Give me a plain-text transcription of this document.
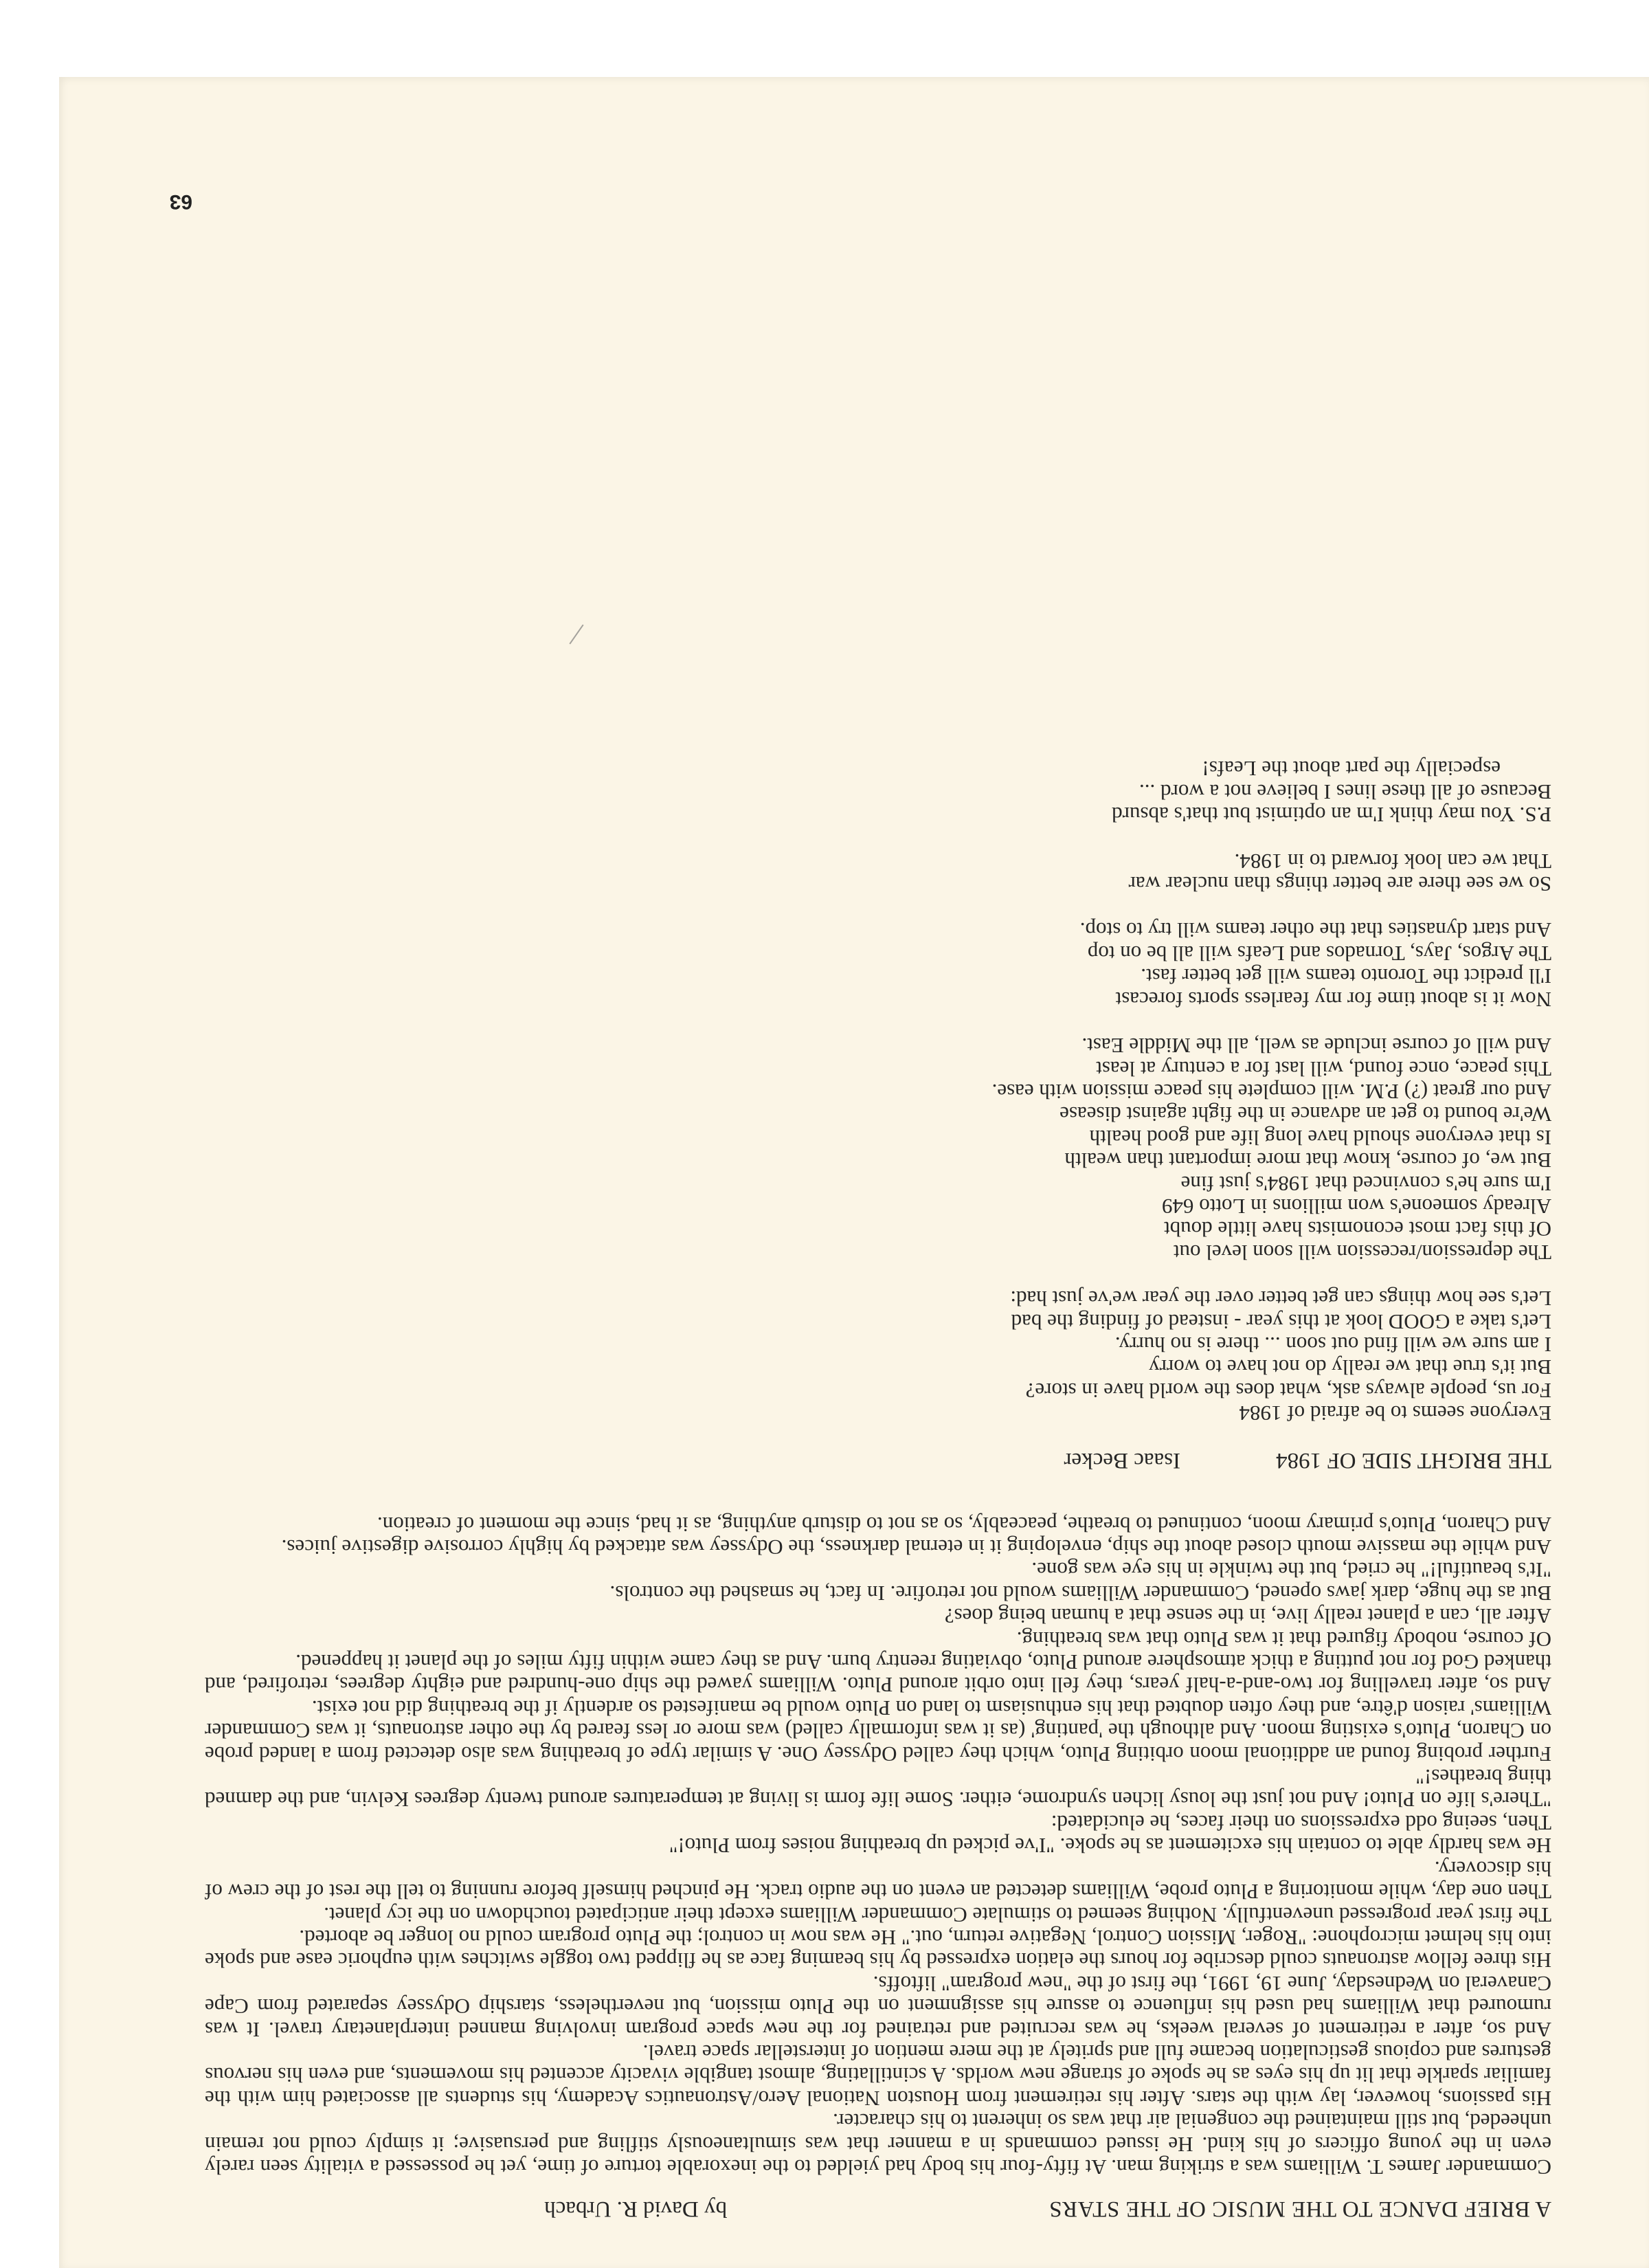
A BRIEF DANCE TO THE MUSIC OF THE STARS
by David R. Urbach

Commander James T. Williams was a striking man. At fifty-four his body had yielded to the inexorable torture of time, yet he possessed a vitality seen rarely even in the young officers of his kind. He issued commands in a manner that was simultaneously stifling and persuasive; it simply could not remain unheeded, but still maintained the congenial air that was so inherent to his character.

His passions, however, lay with the stars. After his retirement from Houston National Aero/Astronautics Academy, his students all associated him with the familiar sparkle that lit up his eyes as he spoke of strange new worlds. A scintillating, almost tangible vivacity accented his movements, and even his nervous gestures and copious gesticulation became full and spritely at the mere mention of interstellar space travel.

And so, after a retirement of several weeks, he was recruited and retrained for the new space program involving manned interplanetary travel. It was rumoured that Williams had used his influence to assure his assignment on the Pluto mission, but nevertheless, starship Odyssey separated from Cape Canaveral on Wednesday, June 19, 1991, the first of the "new program" liftoffs.

His three fellow astronauts could describe for hours the elation expressed by his beaming face as he flipped two toggle switches with euphoric ease and spoke into his helmet microphone: "Roger, Mission Control, Negative return, out." He was now in control; the Pluto program could no longer be aborted.

The first year progressed uneventfully. Nothing seemed to stimulate Commander Williams except their anticipated touchdown on the icy planet.

Then one day, while monitoring a Pluto probe, Williams detected an event on the audio track. He pinched himself before running to tell the rest of the crew of his discovery.

He was hardly able to contain his excitement as he spoke. "I've picked up breathing noises from Pluto!"

Then, seeing odd expressions on their faces, he elucidated:

"There's life on Pluto! And not just the lousy lichen syndrome, either. Some life form is living at temperatures around twenty degrees Kelvin, and the damned thing breathes!"

Further probing found an additional moon orbiting Pluto, which they called Odyssey One. A similar type of breathing was also detected from a landed probe on Charon, Pluto's existing moon. And although the 'panting' (as it was informally called) was more or less feared by the other astronauts, it was Commander Williams' raison d'être, and they often doubted that his enthusiasm to land on Pluto would be manifested so ardently if the breathing did not exist.

And so, after travelling for two-and-a-half years, they fell into orbit around Pluto. Williams yawed the ship one-hundred and eighty degrees, retrofired, and thanked God for not putting a thick atmosphere around Pluto, obviating reentry burn. And as they came within fifty miles of the planet it happened.

Of course, nobody figured that it was Pluto that was breathing.

After all, can a planet really live, in the sense that a human being does?

But as the huge, dark jaws opened, Commander Williams would not retrofire. In fact, he smashed the controls.

"It's beautiful!" he cried, but the twinkle in his eye was gone.

And while the massive mouth closed about the ship, enveloping it in eternal darkness, the Odyssey was attacked by highly corrosive digestive juices.

And Charon, Pluto's primary moon, continued to breathe, peaceably, so as not to disturb anything, as it had, since the moment of creation.

THE BRIGHT SIDE OF 1984
Isaac Becker
Everyone seems to be afraid of 1984
For us, people always ask, what does the world have in store?
But it's true that we really do not have to worry
I am sure we will find out soon ... there is no hurry.
Let's take a GOOD look at this year - instead of finding the bad
Let's see how things can get better over the year we've just had:
The depression/recession will soon level out
Of this fact most economists have little doubt
Already someone's won millions in Lotto 649
I'm sure he's convinced that 1984's just fine
But we, of course, know that more important than wealth
Is that everyone should have long life and good health
We're bound to get an advance in the fight against disease
And our great (?) P.M. will complete his peace mission with ease.
This peace, once found, will last for a century at least
And will of course include as well, all the Middle East.
Now it is about time for my fearless sports forecast
I'll predict the Toronto teams will get better fast.
The Argos, Jays, Tornados and Leafs will all be on top
And start dynasties that the other teams will try to stop.
So we see there are better things than nuclear war
That we can look forward to in 1984.
P.S. You may think I'm an optimist but that's absurd
Because of all these lines I believe not a word ...
especially the part about the Leafs!
63
